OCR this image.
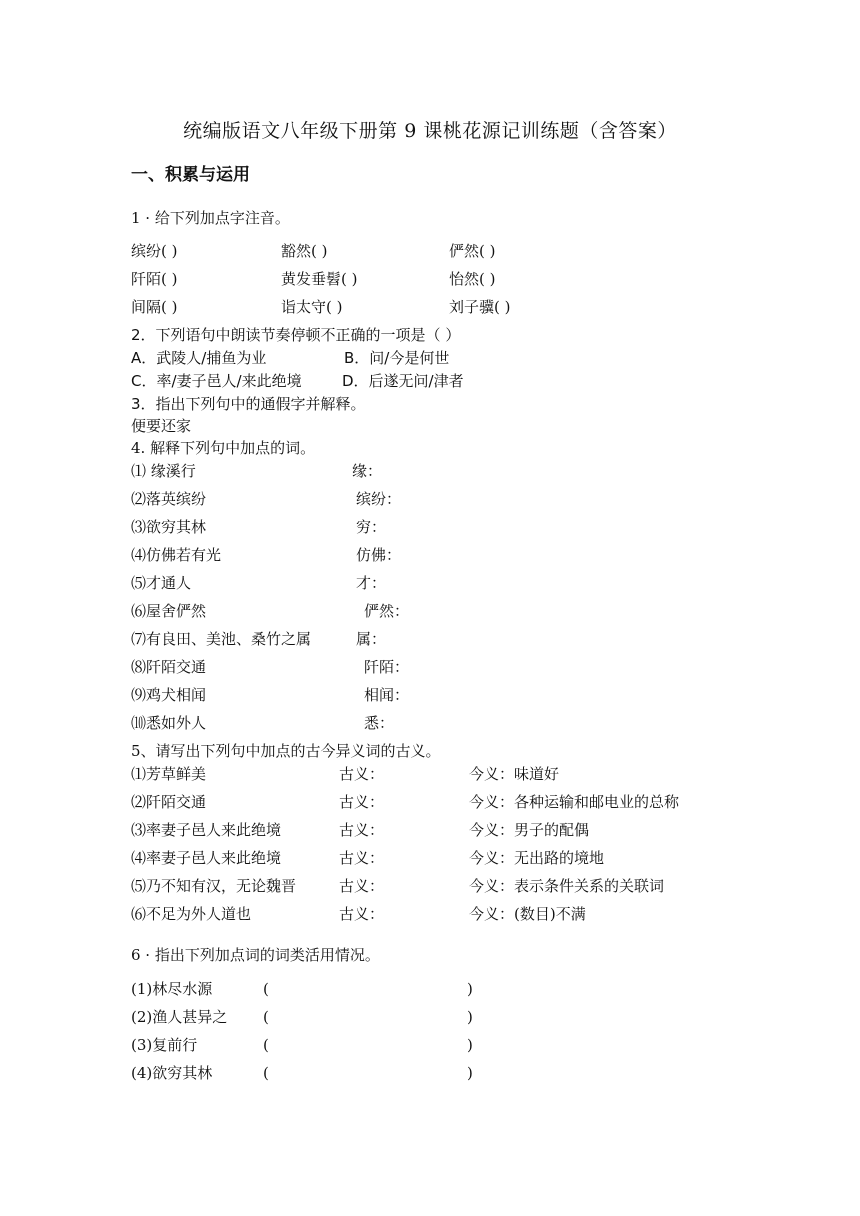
统编版语文八年级下册第 9 课桃花源记训练题（含答案）
一、积累与运用
1 · 给下列加点字注音。
缤纷( )	豁然( )	俨然( )
阡陌( )	黄发垂髫( )	怡然( )
间隔( )	诣太守( )	刘子骥( )
2．下列语句中朗读节奏停顿不正确的一项是（ ）
A．武陵人/捕鱼为业	B．问/今是何世
C．率/妻子邑人/来此绝境	D．后遂无问/津者
3．指出下列句中的通假字并解释。
便要还家
4. 解释下列句中加点的词。
⑴ 缘溪行	缘：
⑵落英缤纷	缤纷：
⑶欲穷其林	穷：
⑷仿佛若有光	仿佛：
⑸才通人	才：
⑹屋舍俨然	俨然：
⑺有良田、美池、桑竹之属	属：
⑻阡陌交通	阡陌：
⑼鸡犬相闻	相闻：
⑽悉如外人	悉：
5、请写出下列句中加点的古今异义词的古义。
⑴芳草鲜美	古义：	今义：味道好
⑵阡陌交通	古义：	今义：各种运输和邮电业的总称
⑶率妻子邑人来此绝境	古义：	今义：男子的配偶
⑷率妻子邑人来此绝境	古义：	今义：无出路的境地
⑸乃不知有汉，无论魏晋	古义：	今义：表示条件关系的关联词
⑹不足为外人道也	古义：	今义：(数目)不满
6 · 指出下列加点词的词类活用情况。
(1)林尽水源	(	)
(2)渔人甚异之 (	)
(3)复前行	(	)
(4)欲穷其林	(	)
